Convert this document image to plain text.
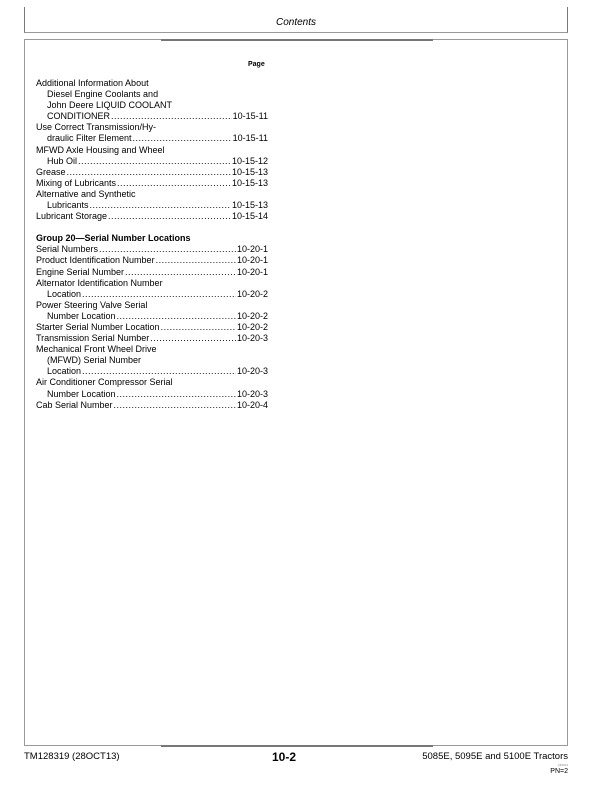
Contents
Page
Additional Information About
Diesel Engine Coolants and
John Deere LIQUID COOLANT
CONDITIONER .....	10-15-11
Use Correct Transmission/Hy-
draulic Filter Element .....	10-15-11
MFWD Axle Housing and Wheel
Hub Oil .....	10-15-12
Grease .....	10-15-13
Mixing of Lubricants .....	10-15-13
Alternative and Synthetic
Lubricants .....	10-15-13
Lubricant Storage .....	10-15-14
Group 20—Serial Number Locations
Serial Numbers .....	10-20-1
Product Identification Number .....	10-20-1
Engine Serial Number .....	10-20-1
Alternator Identification Number
Location .....	10-20-2
Power Steering Valve Serial
Number Location .....	10-20-2
Starter Serial Number Location .....	10-20-2
Transmission Serial Number .....	10-20-3
Mechanical Front Wheel Drive
(MFWD) Serial Number
Location .....	10-20-3
Air Conditioner Compressor Serial
Number Location .....	10-20-3
Cab Serial Number .....	10-20-4
TM128319 (28OCT13)	10-2	5085E, 5095E and 5100E Tractors
182913
PN=2
